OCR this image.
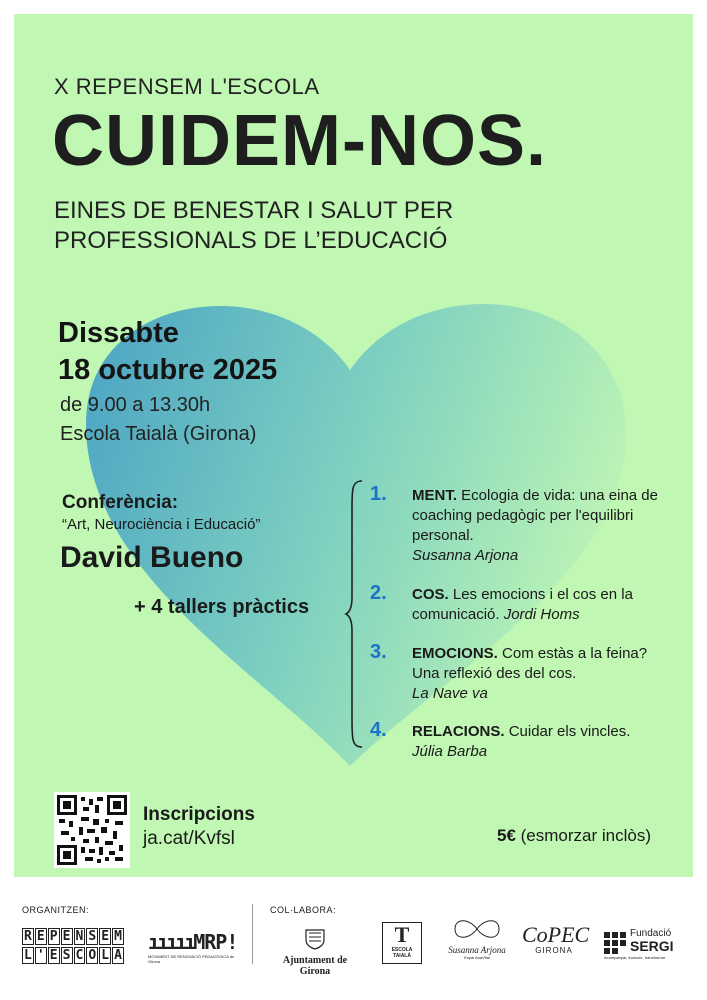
X REPENSEM L'ESCOLA
CUIDEM-NOS.
EINES DE BENESTAR I SALUT PER
PROFESSIONALS DE L’EDUCACIÓ
Dissabte
18 octubre 2025
de 9.00 a 13.30h
Escola Taialà (Girona)
Conferència:
“Art, Neurociència i Educació”
David Bueno
+ 4 tallers pràctics
1. MENT. Ecologia de vida: una eina de coaching pedagògic per l'equilibri personal.
Susanna Arjona
2. COS. Les emocions i el cos en la comunicació. Jordi Homs
3. EMOCIONS. Com estàs a la feina? Una reflexió des del cos.
La Nave va
4. RELACIONS. Cuidar els vincles.
Júlia Barba
Inscripcions
ja.cat/Kvfsl	5€ (esmorzar inclòs)
ORGANITZEN:	COL·LABORA:
R E P E N S E M
L ' E S C O L A
ıııııMRP!
MOVIMENT DE RENOVACIÓ PEDAGÒGICA de Girona	Ajuntament de Girona
T
ESCOLA TAIALÀ
Susanna Arjona
Espai AnaVital
CoPEC
GIRONA
Fundació
SERGI
Acompanyar, incloure, transformar
